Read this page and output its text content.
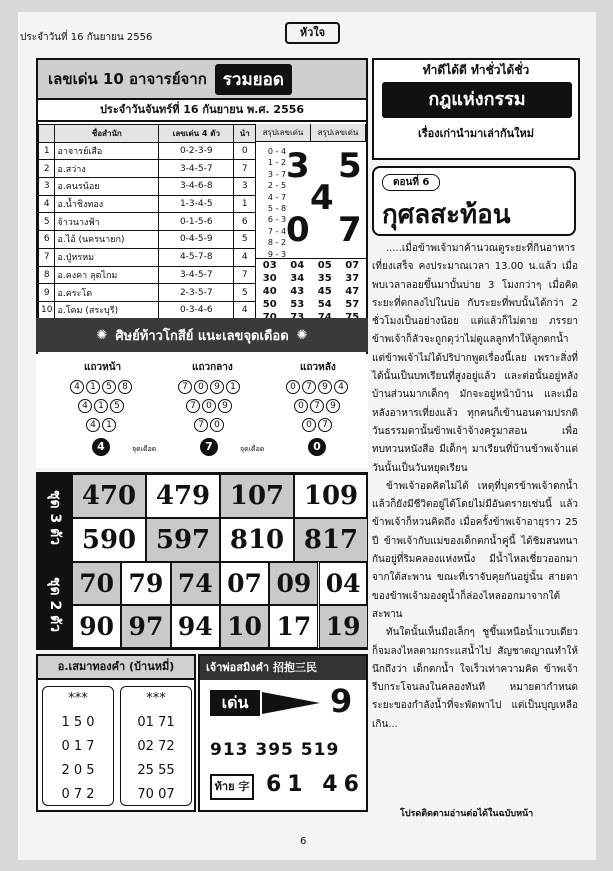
ประจำวันที่ 16 กันยายน 2556	หัวใจ
เลขเด่น 10 อาจารย์จาก รวมยอด
ประจำวันจันทร์ที่ 16 กันยายน พ.ศ. 2556
	ชื่อสำนัก	เลขเด่น 4 ตัว	นำ
1	อาจารย์เสือ	0-2-3-9	0
2	อ.สว่าง	3-4-5-7	7
3	อ.คนรน้อย	3-4-6-8	3
4	อ.น้ำชิงทอง	1-3-4-5	1
5	จ้าวนางฟ้า	0-1-5-6	6
6	อ.ไอ้ (นครนายก)	0-4-5-9	5
7	อ.ปู่หรหม	4-5-7-8	4
8	อ.คงคา ลุตไกม	3-4-5-7	7
9	อ.คระโต	2-3-5-7	5
10	อ.โคม (สระบุรี)	0-3-4-6	4
สรุปเลขเด่น	สรุปเลขเด่น
0 - 4
1 - 2
3 - 7
2 - 5
4 - 7
5 - 8
6 - 3
7 - 4
8 - 2
9 - 3
3 5
4
0 7
03	04	05	07
30	34	35	37
40	43	45	47
50	53	54	57
✺ ศิษย์ท้าวโกสีย์ แนะเลขจุดเดือด ✺
แถวหน้า
4	1	5	8
4	1	5
4	1
4	จุดเดือด
แถวกลาง
7	0	9	1
7	0	9
7	0
7	จุดเดือด
แถวหลัง
0	7	9	4
0	7	9
0	7
0
ชุด 3 ตัว
ชุด 2 ตัว
470 479 107 109
590 597 810 817
70 79 74 07 09 04
90 97 94 10 17 19
อ.เสมาทองคำ (บ้านหมี่)
***
1 5 0
0 1 7
2 0 5
0 7 2
***
01 71
02 72
25 55
70 07
เจ้าพ่อสมิงคำ 招抱三民
เด่น	9
913 395 519
ท้าย 字 61 46
ทำดีได้ดี ทำชั่วได้ชั่ว
กฎแห่งกรรม
เรื่องเก่านำมาเล่ากันใหม่
ตอนที่ 6
กุศลสะท้อน

.....เมื่อข้าพเจ้ามาค้านวณดูระยะที่กินอาหารเที่ยงเสร็จ คงประมาณเวลา 13.00 น.แล้ว เมื่อพบเวลาลอยขึ้นมาบั้นบ่าย 3 โมงกว่าๆ เมื่อคิดระยะที่ตกลงไปในบ่อ กับระยะที่พบนั้นได้กว่า 2 ชั่วโมงเป็นอย่างน้อย แต่แล้วก็ไม่ตาย ภรรยาข้าพเจ้าก็ลัวจะถูกดุว่าไม่ดูแลลูกทำให้ลูกตกน้ำ แต่ข้าพเจ้าไม่ได้ปริปากพูดเรื่องนี้เลย เพราะสิ่งที่ได้นั้นเป็นบทเรียนที่สูงอยู่แล้ว และต่อนั้นอยู่หลังบ้านส่วนมากเด็กๆ มักจะอยู่หน้าบ้าน และเมื่อหลังอาหารเที่ยงแล้ว ทุกคนก็เข้านอนตามปรกติ วันธรรมดานั้นข้าพเจ้าจ้างครูมาสอน เพื่อทบทวนหนังสือ มีเด็กๆ มาเรียนที่บ้านข้าพเจ้าแต่วันนั้นเป็นวันหยุดเรียน

ข้าพเจ้าอดคิดไม่ได้ เหตุที่บุตรข้าพเจ้าตกน้ำ แล้วก็ยังมีชีวิตอยู่ได้โดยไม่มีอันตรายเช่นนี้ แล้วข้าพเจ้าก็หวนคิดถึง เมื่อครั้งข้าพเจ้าอายุราว 25 ปี ข้าพเจ้ากับแม่ของเด็กตกน้ำคู่นี้ ได้ชิมสนทนากันอยู่ที่ริมคลองแห่งหนึ่ง มีน้ำไหลเชี่ยวออกมาจากใต้สะพาน ขณะที่เราจับคุยกันอยู่นั้น สายตาของข้าพเจ้ามองดูน้ำก็ล่องไหลออกมาจากใต้สะพาน

ทันใดนั้นเห็นมือเล็กๆ ชูขึ้นเหนือน้ำแวบเดียวก็จมลงไหลตามกระแสน้ำไป สัญชาตญาณทำให้นึกถึงว่า เด็กตกน้ำ ใจเร็วเท่าความคิด ข้าพเจ้ารีบกระโจนลงในคลองทันที หมายตากำหนดระยะของกำลังน้ำที่จะพัดพาไป แต่เป็นบุญเหลือเกิน...

โปรดติดตามอ่านต่อได้ในฉบับหน้า
6
